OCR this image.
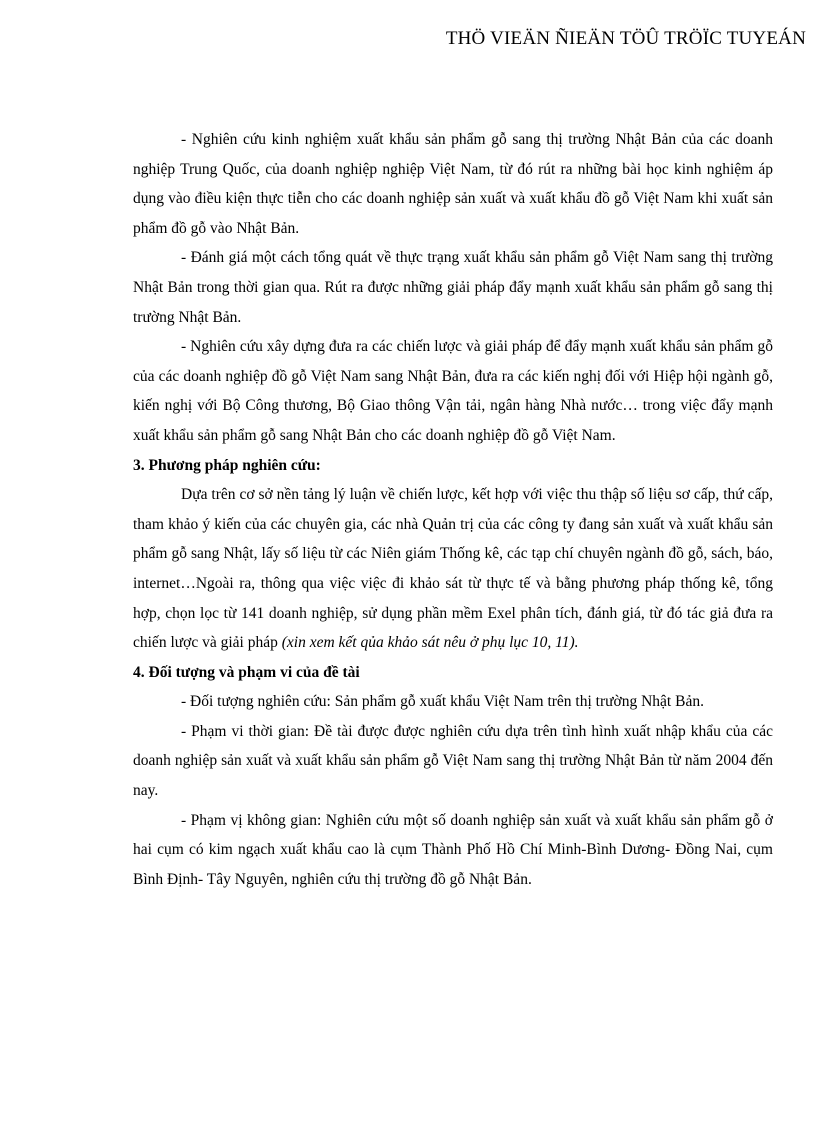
THÖ VIEÄN ÑIEÄN TÖÛ TRÖÏC TUYEÁN

- Nghiên cứu kinh nghiệm xuất khẩu sản phẩm gỗ sang thị trường Nhật Bản của các doanh nghiệp Trung Quốc, của doanh nghiệp nghiệp Việt Nam, từ đó rút ra những bài học kinh nghiệm áp dụng vào điều kiện thực tiễn cho các doanh nghiệp sản xuất và xuất khẩu đồ gỗ Việt Nam khi xuất sản phẩm đồ gỗ vào Nhật Bản.

- Đánh giá một cách tổng quát về thực trạng xuất khẩu sản phẩm gỗ Việt Nam sang thị trường Nhật Bản trong thời gian qua. Rút ra được những giải pháp đẩy mạnh xuất khẩu sản phẩm gỗ sang thị trường Nhật Bản.

- Nghiên cứu xây dựng đưa ra các chiến lược và giải pháp để đẩy mạnh xuất khẩu sản phẩm gỗ của các doanh nghiệp đồ gỗ Việt Nam sang Nhật Bản, đưa ra các kiến nghị đối với Hiệp hội ngành gỗ, kiến nghị với Bộ Công thương, Bộ Giao thông Vận tải, ngân hàng Nhà nước… trong việc đẩy mạnh xuất khẩu sản phẩm gỗ sang Nhật Bản cho các doanh nghiệp đồ gỗ Việt Nam.

3. Phương pháp nghiên cứu:

Dựa trên cơ sở nền tảng lý luận về chiến lược, kết hợp với việc thu thập số liệu sơ cấp, thứ cấp, tham khảo ý kiến của các chuyên gia, các nhà Quản trị của các công ty đang sản xuất và xuất khẩu sản phẩm gỗ sang Nhật, lấy số liệu từ các Niên giám Thống kê, các tạp chí chuyên ngành đồ gỗ, sách, báo, internet…Ngoài ra, thông qua việc việc đi khảo sát từ thực tế và bằng phương pháp thống kê, tổng hợp, chọn lọc từ 141 doanh nghiệp, sử dụng phần mềm Exel phân tích, đánh giá, từ đó tác giả đưa ra chiến lược và giải pháp (xin xem kết qủa khảo sát nêu ở phụ lục 10, 11).

4. Đối tượng và phạm vi của đề tài

- Đối tượng nghiên cứu: Sản phẩm gỗ xuất khẩu Việt Nam trên thị trường Nhật Bản.

- Phạm vi thời gian: Đề tài được được nghiên cứu dựa trên tình hình xuất nhập khẩu của các doanh nghiệp sản xuất và xuất khẩu sản phẩm gỗ Việt Nam sang thị trường Nhật Bản từ năm 2004 đến nay.

- Phạm vị không gian: Nghiên cứu một số doanh nghiệp sản xuất và xuất khẩu sản phẩm gỗ ở hai cụm có kim ngạch xuất khẩu cao là cụm Thành Phố Hồ Chí Minh-Bình Dương- Đồng Nai, cụm Bình Định- Tây Nguyên, nghiên cứu thị trường đồ gỗ Nhật Bản.
